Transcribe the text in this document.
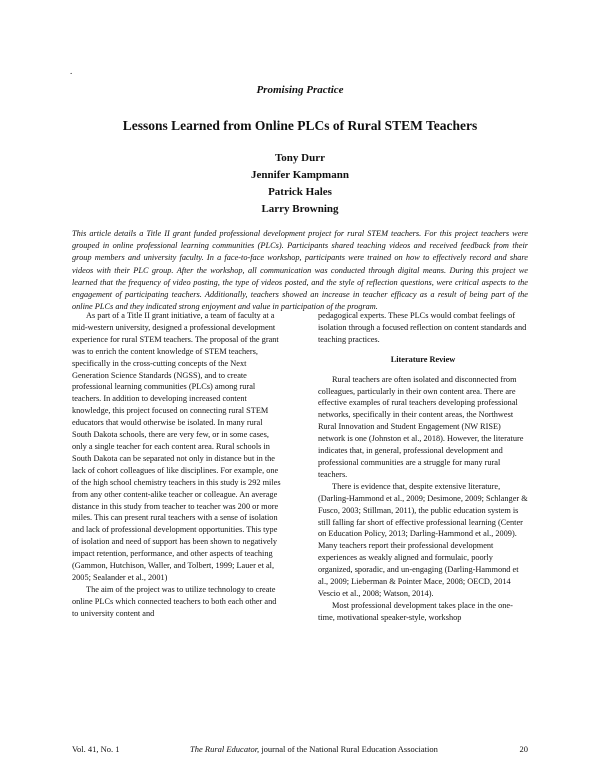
.
Promising Practice
Lessons Learned from Online PLCs of Rural STEM Teachers
Tony Durr
Jennifer Kampmann
Patrick Hales
Larry Browning
This article details a Title II grant funded professional development project for rural STEM teachers. For this project teachers were grouped in online professional learning communities (PLCs). Participants shared teaching videos and received feedback from their group members and university faculty. In a face-to-face workshop, participants were trained on how to effectively record and share videos with their PLC group. After the workshop, all communication was conducted through digital means. During this project we learned that the frequency of video posting, the type of videos posted, and the style of reflection questions, were critical aspects to the engagement of participating teachers. Additionally, teachers showed an increase in teacher efficacy as a result of being part of the online PLCs and they indicated strong enjoyment and value in participation of the program.

As part of a Title II grant initiative, a team of faculty at a mid-western university, designed a professional development experience for rural STEM teachers. The proposal of the grant was to enrich the content knowledge of STEM teachers, specifically in the cross-cutting concepts of the Next Generation Science Standards (NGSS), and to create professional learning communities (PLCs) among rural teachers. In addition to developing increased content knowledge, this project focused on connecting rural STEM educators that would otherwise be isolated. In many rural South Dakota schools, there are very few, or in some cases, only a single teacher for each content area. Rural schools in South Dakota can be separated not only in distance but in the lack of cohort colleagues of like disciplines. For example, one of the high school chemistry teachers in this study is 292 miles from any other content-alike teacher or colleague. An average distance in this study from teacher to teacher was 200 or more miles. This can present rural teachers with a sense of isolation and lack of professional development opportunities. This type of isolation and need of support has been shown to negatively impact retention, performance, and other aspects of teaching (Gammon, Hutchison, Waller, and Tolbert, 1999; Lauer et al, 2005; Sealander et al., 2001)

The aim of the project was to utilize technology to create online PLCs which connected teachers to both each other and to university content and

pedagogical experts. These PLCs would combat feelings of isolation through a focused reflection on content standards and teaching practices.

Literature Review

Rural teachers are often isolated and disconnected from colleagues, particularly in their own content area. There are effective examples of rural teachers developing professional networks, specifically in their content areas, the Northwest Rural Innovation and Student Engagement (NW RISE) network is one (Johnston et al., 2018). However, the literature indicates that, in general, professional development and professional communities are a struggle for many rural teachers.

There is evidence that, despite extensive literature, (Darling-Hammond et al., 2009; Desimone, 2009; Schlanger & Fusco, 2003; Stillman, 2011), the public education system is still falling far short of effective professional learning (Center on Education Policy, 2013; Darling-Hammond et al., 2009). Many teachers report their professional development experiences as weakly aligned and formulaic, poorly organized, sporadic, and un-engaging (Darling-Hammond et al., 2009; Lieberman & Pointer Mace, 2008; OECD, 2014 Vescio et al., 2008; Watson, 2014).

Most professional development takes place in the one-time, motivational speaker-style, workshop

Vol. 41, No. 1	The Rural Educator, journal of the National Rural Education Association	20
